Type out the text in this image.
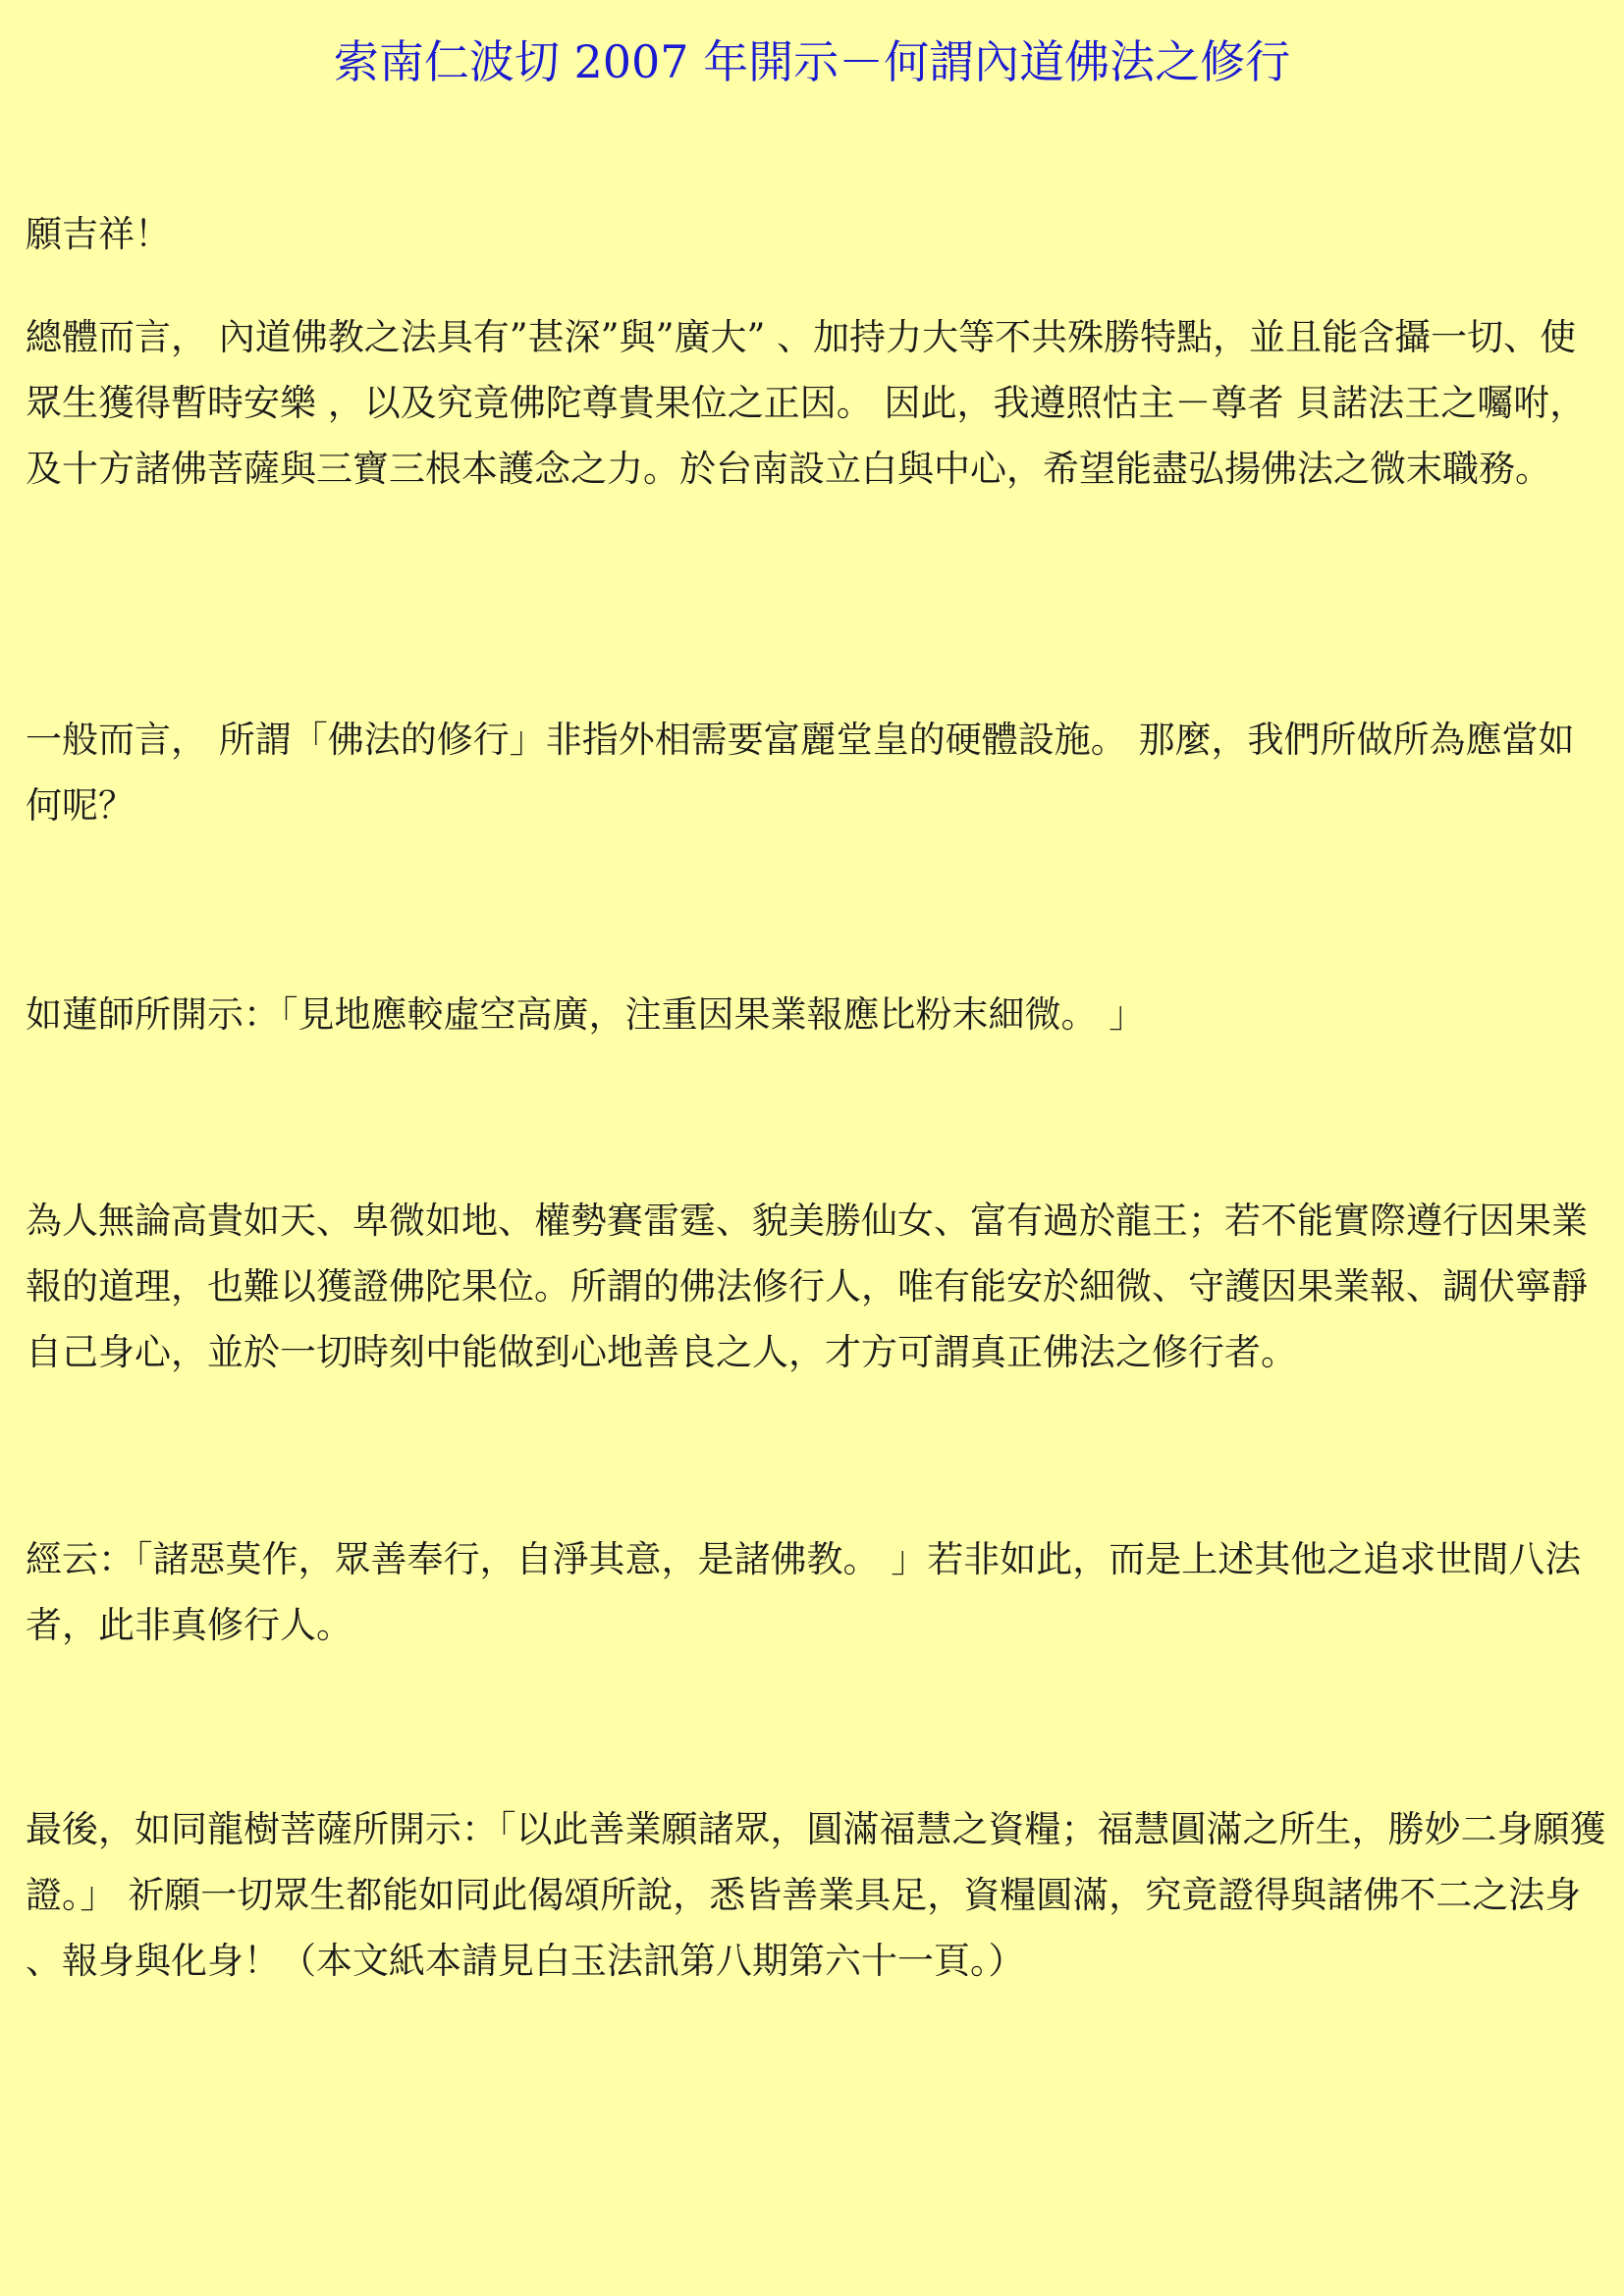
索南仁波切 2007 年開示－何謂內道佛法之修行

願吉祥！

總體而言， 內道佛教之法具有”甚深”與”廣大” 、加持力大等不共殊勝特點，並且能含攝一切、使眾生獲得暫時安樂 ，以及究竟佛陀尊貴果位之正因。 因此，我遵照怙主－尊者 貝諾法王之囑咐，及十方諸佛菩薩與三寶三根本護念之力。於台南設立白與中心，希望能盡弘揚佛法之微末職務。

一般而言， 所謂「佛法的修行」非指外相需要富麗堂皇的硬體設施。 那麼，我們所做所為應當如何呢？

如蓮師所開示：「見地應較虛空高廣，注重因果業報應比粉末細微。 」

為人無論高貴如天、卑微如地、權勢賽雷霆、貌美勝仙女、富有過於龍王；若不能實際遵行因果業報的道理，也難以獲證佛陀果位。所謂的佛法修行人，唯有能安於細微、守護因果業報、調伏寧靜自己身心，並於一切時刻中能做到心地善良之人，才方可謂真正佛法之修行者。

經云：「諸惡莫作，眾善奉行，自淨其意，是諸佛教。 」若非如此，而是上述其他之追求世間八法者，此非真修行人。

最後，如同龍樹菩薩所開示：「以此善業願諸眾，圓滿福慧之資糧；福慧圓滿之所生，勝妙二身願獲證。」 祈願一切眾生都能如同此偈頌所說，悉皆善業具足，資糧圓滿，究竟證得與諸佛不二之法身、報身與化身！（本文紙本請見白玉法訊第八期第六十一頁。）
